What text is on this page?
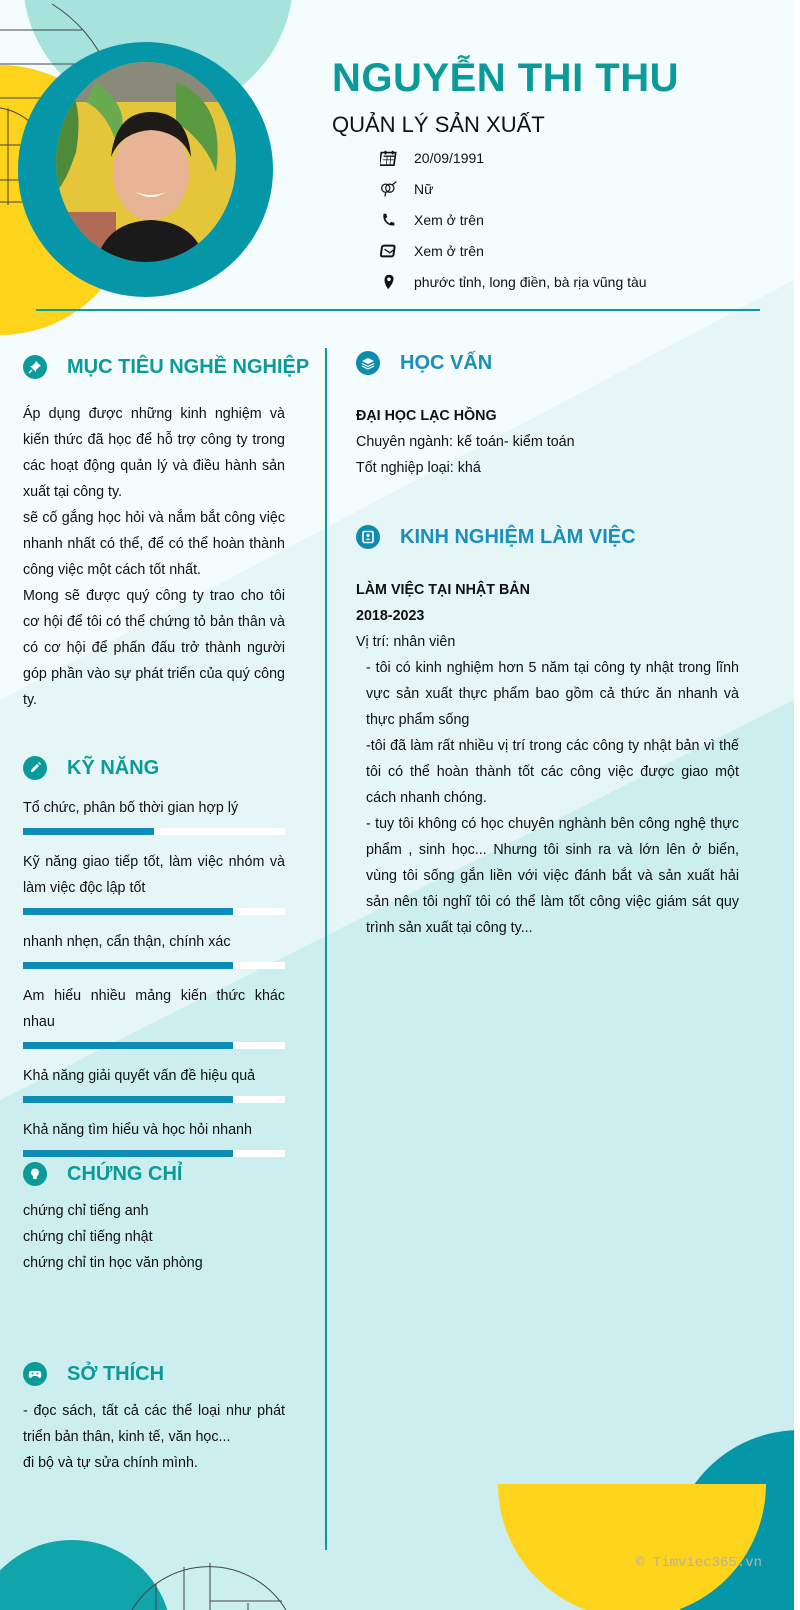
NGUYỄN THI THU
QUẢN LÝ SẢN XUẤT
20/09/1991
Nữ
Xem ở trên
Xem ở trên
phước tỉnh, long điền, bà rịa vũng tàu
MỤC TIÊU NGHỀ NGHIỆP

Áp dụng được những kinh nghiệm và kiến thức đã học để hỗ trợ công ty trong các hoạt động quản lý và điều hành sản xuất tại công ty.

sẽ cố gắng học hỏi và nắm bắt công việc nhanh nhất có thể, để có thể hoàn thành công việc một cách tốt nhất.

Mong sẽ được quý công ty trao cho tôi cơ hội để tôi có thể chứng tỏ bản thân và có cơ hội để phấn đấu trở thành người góp phần vào sự phát triển của quý công ty.

KỸ NĂNG
Tổ chức, phân bố thời gian hợp lý
Kỹ năng giao tiếp tốt, làm việc nhóm và làm việc độc lập tốt
nhanh nhẹn, cẩn thận, chính xác
Am hiểu nhiều mảng kiến thức khác nhau
Khả năng giải quyết vấn đề hiệu quả
Khả năng tìm hiểu và học hỏi nhanh
CHỨNG CHỈ
chứng chỉ tiếng anh
chứng chỉ tiếng nhật
chứng chỉ tin học văn phòng
SỞ THÍCH

- đọc sách, tất cả các thể loại như phát triển bản thân, kinh tế, văn học...

đi bộ và tự sửa chính mình.

HỌC VẤN
ĐẠI HỌC LẠC HỒNG
Chuyên ngành: kế toán- kiểm toán
Tốt nghiệp loại: khá
KINH NGHIỆM LÀM VIỆC
LÀM VIỆC TẠI NHẬT BẢN
2018-2023
Vị trí: nhân viên

- tôi có kinh nghiệm hơn 5 năm tại công ty nhật trong lĩnh vực sản xuất thực phẩm bao gồm cả thức ăn nhanh và thực phẩm sống

-tôi đã làm rất nhiều vị trí trong các công ty nhật bản vì thế tôi có thể hoàn thành tốt các công việc được giao một cách nhanh chóng.

- tuy tôi không có học chuyên nghành bên công nghệ thực phẩm , sinh học... Nhưng tôi sinh ra và lớn lên ở biển, vùng tôi sống gắn liền với việc đánh bắt và sản xuất hải sản nên tôi nghĩ tôi có thể làm tốt công việc giám sát quy trình sản xuất tại công ty...

© Timviec365.vn
